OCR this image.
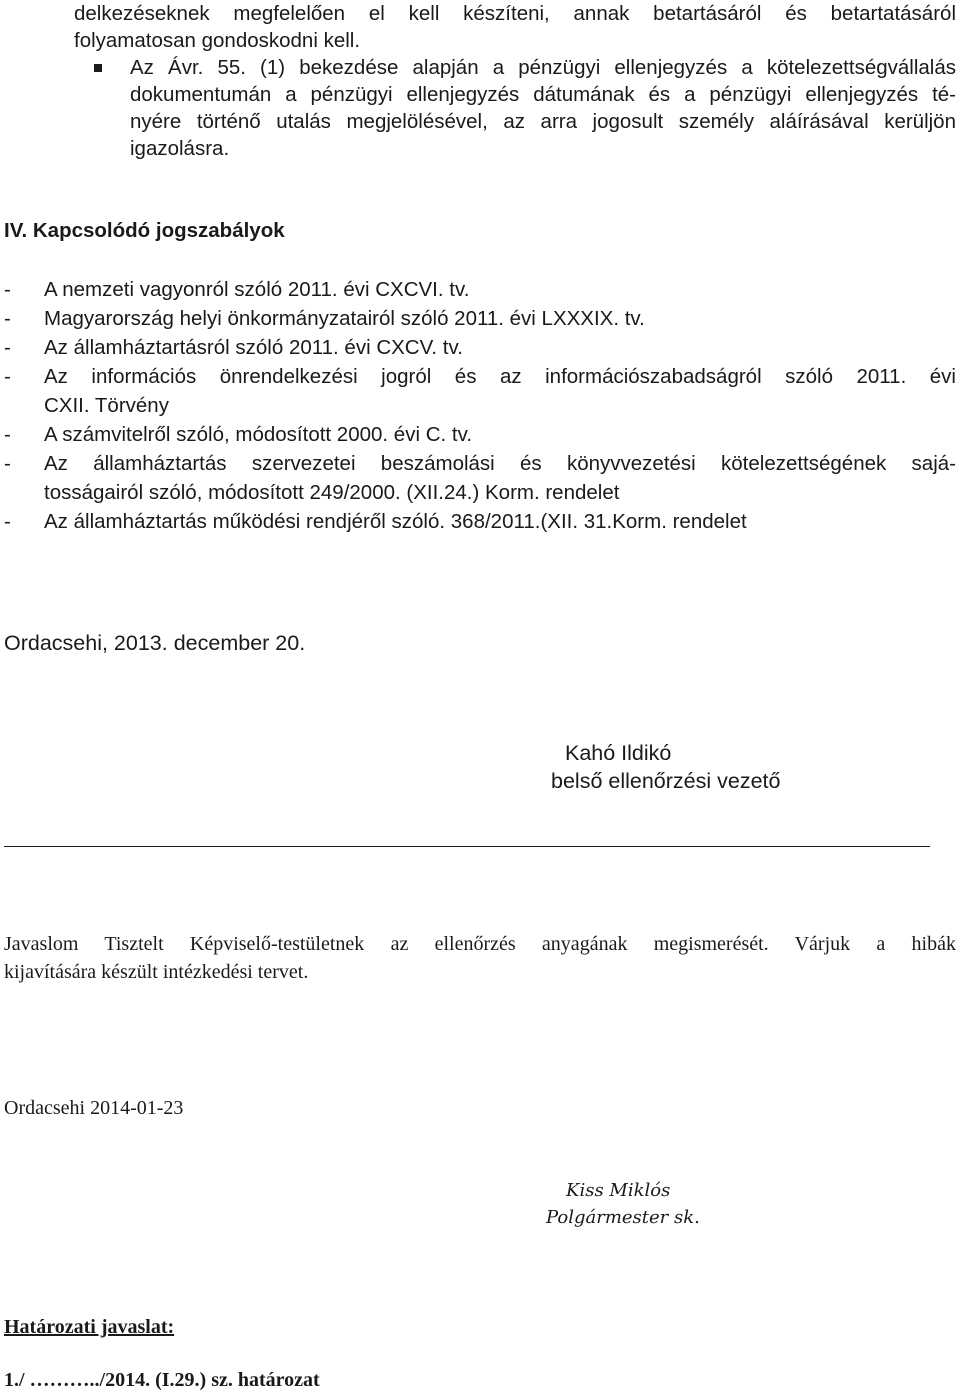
delkezéseknek megfelelően el kell készíteni, annak betartásáról és betartatásáról
folyamatosan gondoskodni kell.
Az Ávr. 55. (1) bekezdése alapján a pénzügyi ellenjegyzés a kötelezettségvállalás
dokumentumán a pénzügyi ellenjegyzés dátumának és a pénzügyi ellenjegyzés té-
nyére történő utalás megjelölésével, az arra jogosult személy aláírásával kerüljön
igazolásra.
IV. Kapcsolódó jogszabályok
- A nemzeti vagyonról szóló 2011. évi CXCVI. tv.
- Magyarország helyi önkormányzatairól szóló 2011. évi LXXXIX. tv.
- Az államháztartásról szóló 2011. évi CXCV. tv.
- Az információs önrendelkezési jogról és az információszabadságról szóló 2011. évi
CXII. Törvény
- A számvitelről szóló, módosított 2000. évi C. tv.
- Az államháztartás szervezetei beszámolási és könyvvezetési kötelezettségének sajá-
tosságairól szóló, módosított 249/2000. (XII.24.) Korm. rendelet
- Az államháztartás működési rendjéről szóló. 368/2011.(XII. 31.Korm. rendelet
Ordacsehi, 2013. december 20.
Kahó Ildikó
belső ellenőrzési vezető
Javaslom Tisztelt Képviselő-testületnek az ellenőrzés anyagának megismerését. Várjuk a hibák
kijavítására készült intézkedési tervet.
Ordacsehi 2014-01-23
Kiss Miklós
Polgármester sk.
Határozati javaslat:
1./ ………../2014. (I.29.) sz. határozat
